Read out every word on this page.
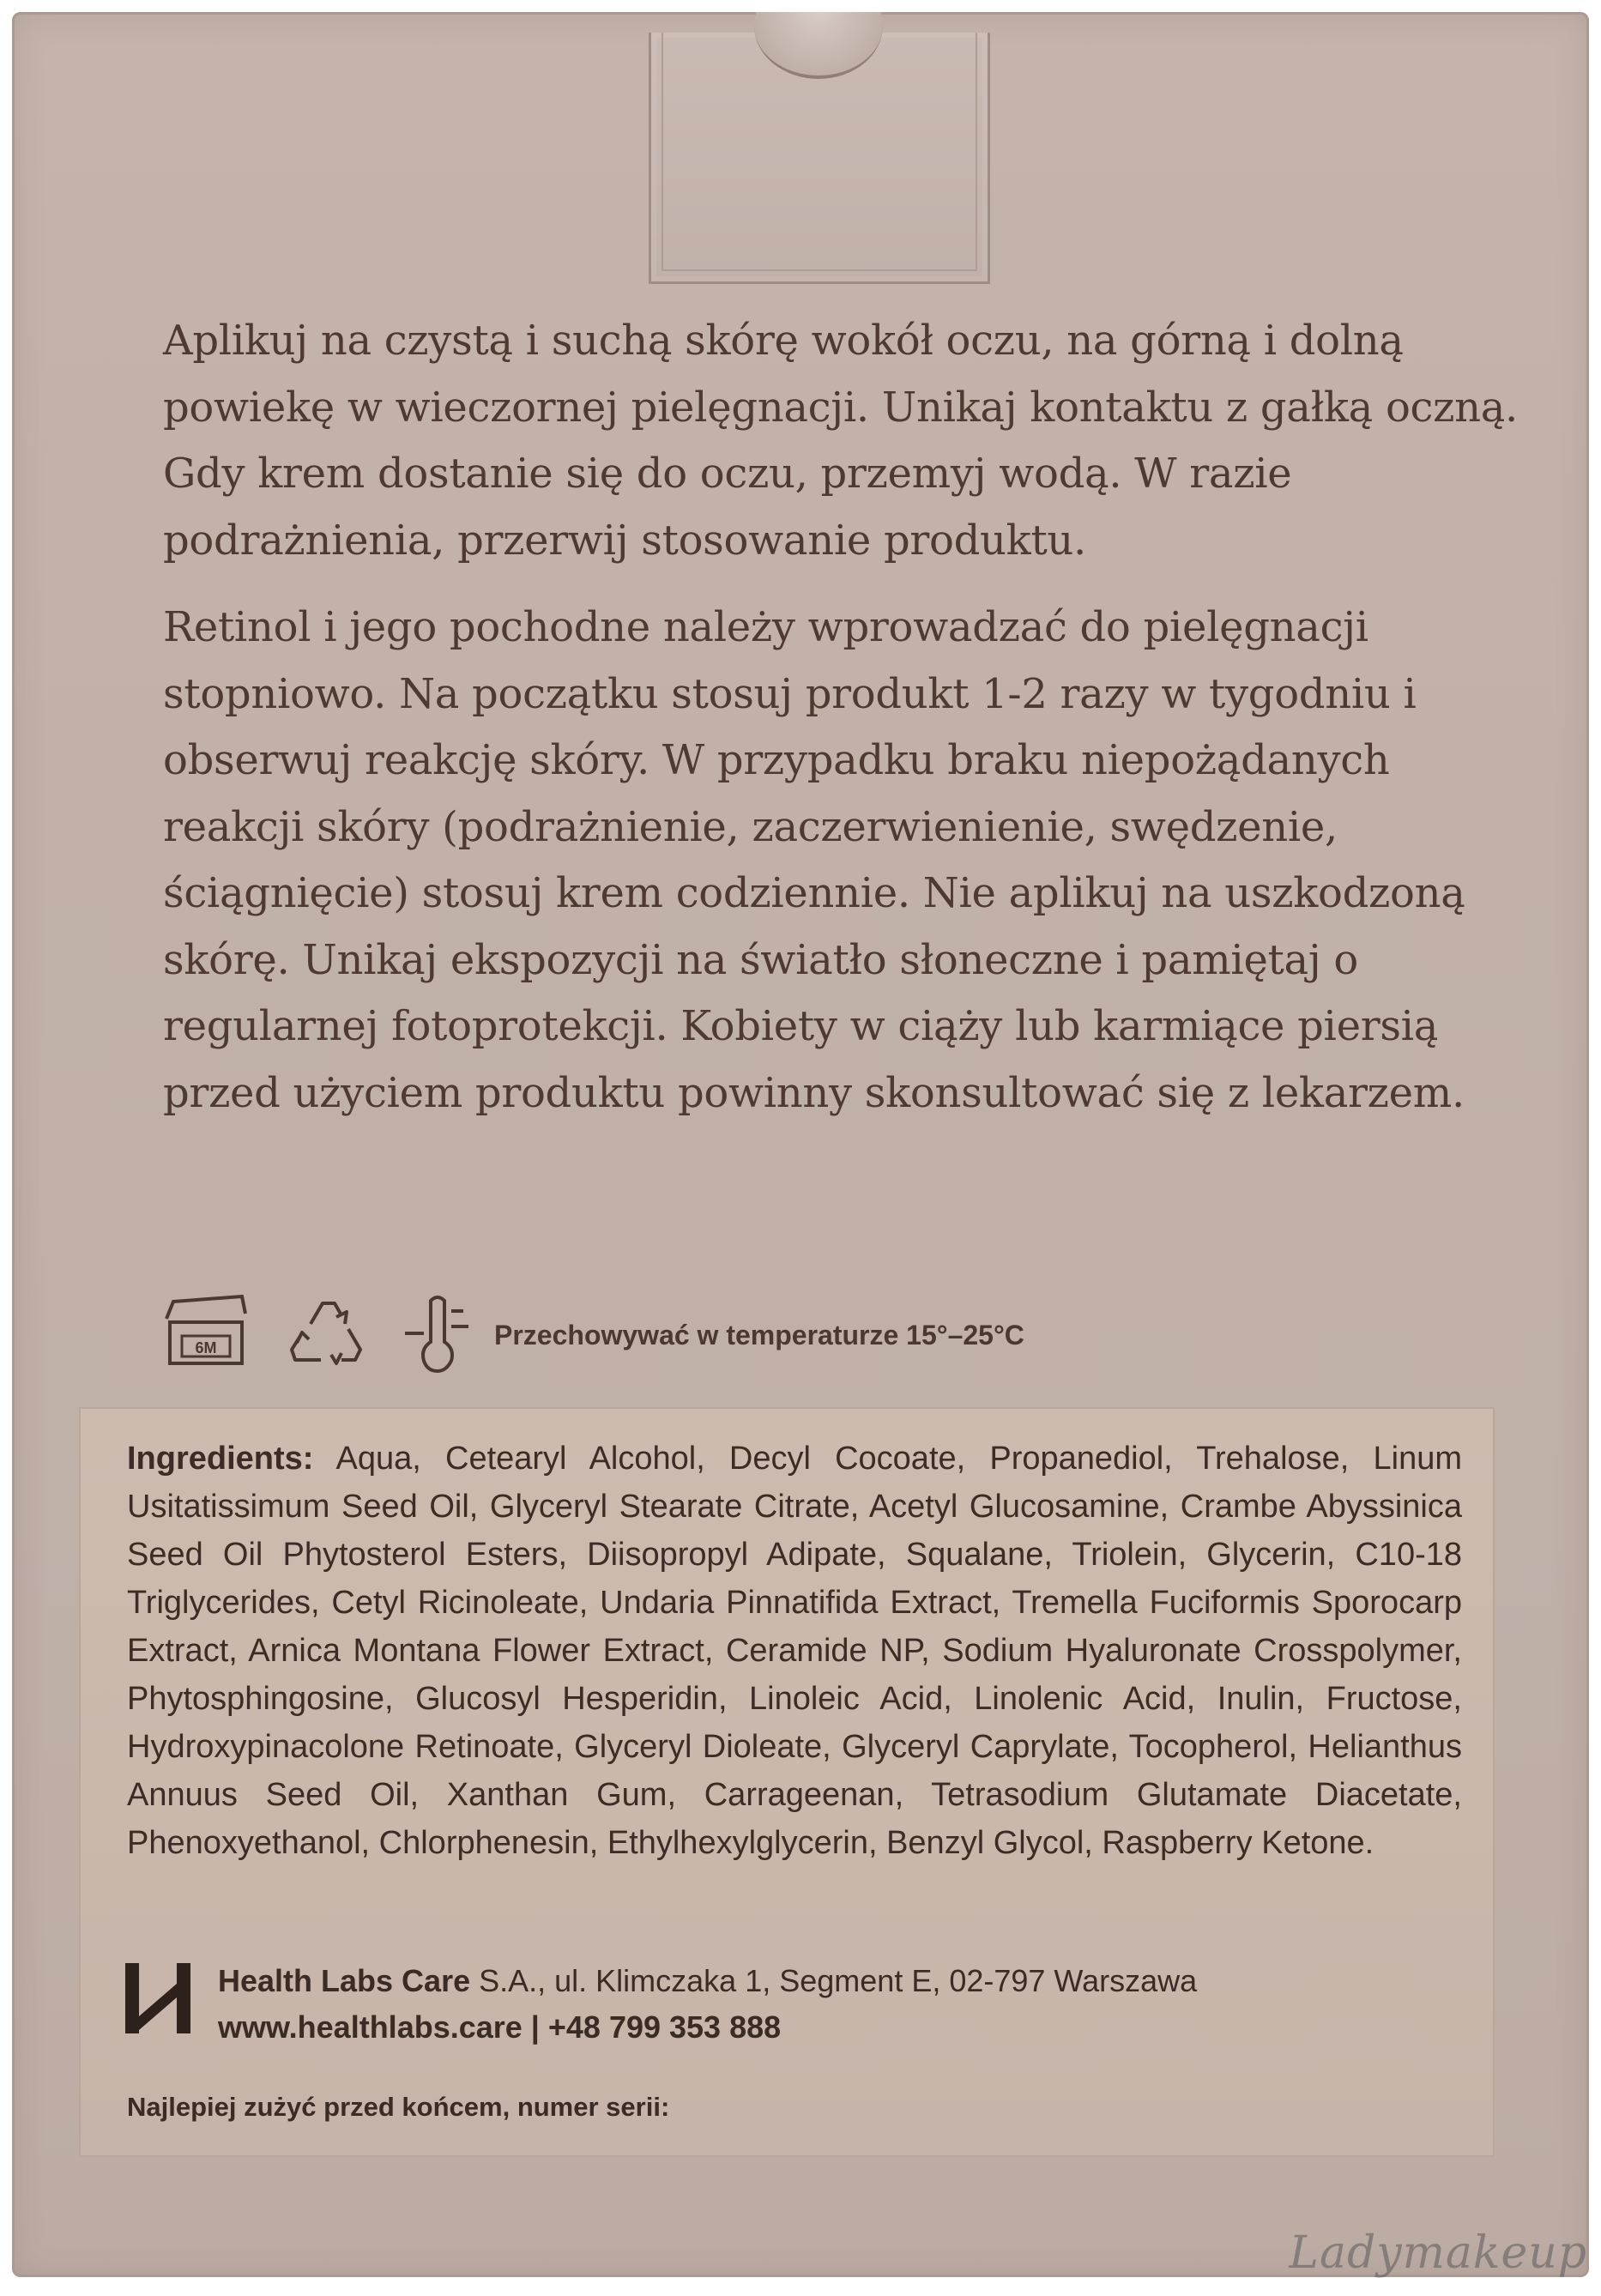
Aplikuj na czystą i suchą skórę wokół oczu, na górną i dolną powiekę w wieczornej pielęgnacji. Unikaj kontaktu z gałką oczną. Gdy krem dostanie się do oczu, przemyj wodą. W razie podrażnienia, przerwij stosowanie produktu.

Retinol i jego pochodne należy wprowadzać do pielęgnacji stopniowo. Na początku stosuj produkt 1-2 razy w tygodniu i obserwuj reakcję skóry. W przypadku braku niepożądanych reakcji skóry (podrażnienie, zaczerwienienie, swędzenie, ściągnięcie) stosuj krem codziennie. Nie aplikuj na uszkodzoną skórę. Unikaj ekspozycji na światło słoneczne i pamiętaj o regularnej fotoprotekcji. Kobiety w ciąży lub karmiące piersią przed użyciem produktu powinny skonsultować się z lekarzem.

6M	Przechowywać w temperaturze 15°–25°C
Ingredients: Aqua, Cetearyl Alcohol, Decyl Cocoate, Propanediol, Trehalose, Linum Usitatissimum Seed Oil, Glyceryl Stearate Citrate, Acetyl Glucosamine, Crambe Abyssinica Seed Oil Phytosterol Esters, Diisopropyl Adipate, Squalane, Triolein, Glycerin, C10-18 Triglycerides, Cetyl Ricinoleate, Undaria Pinnatifida Extract, Tremella Fuciformis Sporocarp Extract, Arnica Montana Flower Extract, Ceramide NP, Sodium Hyaluronate Crosspolymer, Phytosphingosine, Glucosyl Hesperidin, Linoleic Acid, Linolenic Acid, Inulin, Fructose, Hydroxypinacolone Retinoate, Glyceryl Dioleate, Glyceryl Caprylate, Tocopherol, Helianthus Annuus Seed Oil, Xanthan Gum, Carrageenan, Tetrasodium Glutamate Diacetate, Phenoxyethanol, Chlorphenesin, Ethylhexylglycerin, Benzyl Glycol, Raspberry Ketone.
Health Labs Care S.A., ul. Klimczaka 1, Segment E, 02-797 Warszawa
www.healthlabs.care | +48 799 353 888
Najlepiej zużyć przed końcem, numer serii:
Ladymakeup
